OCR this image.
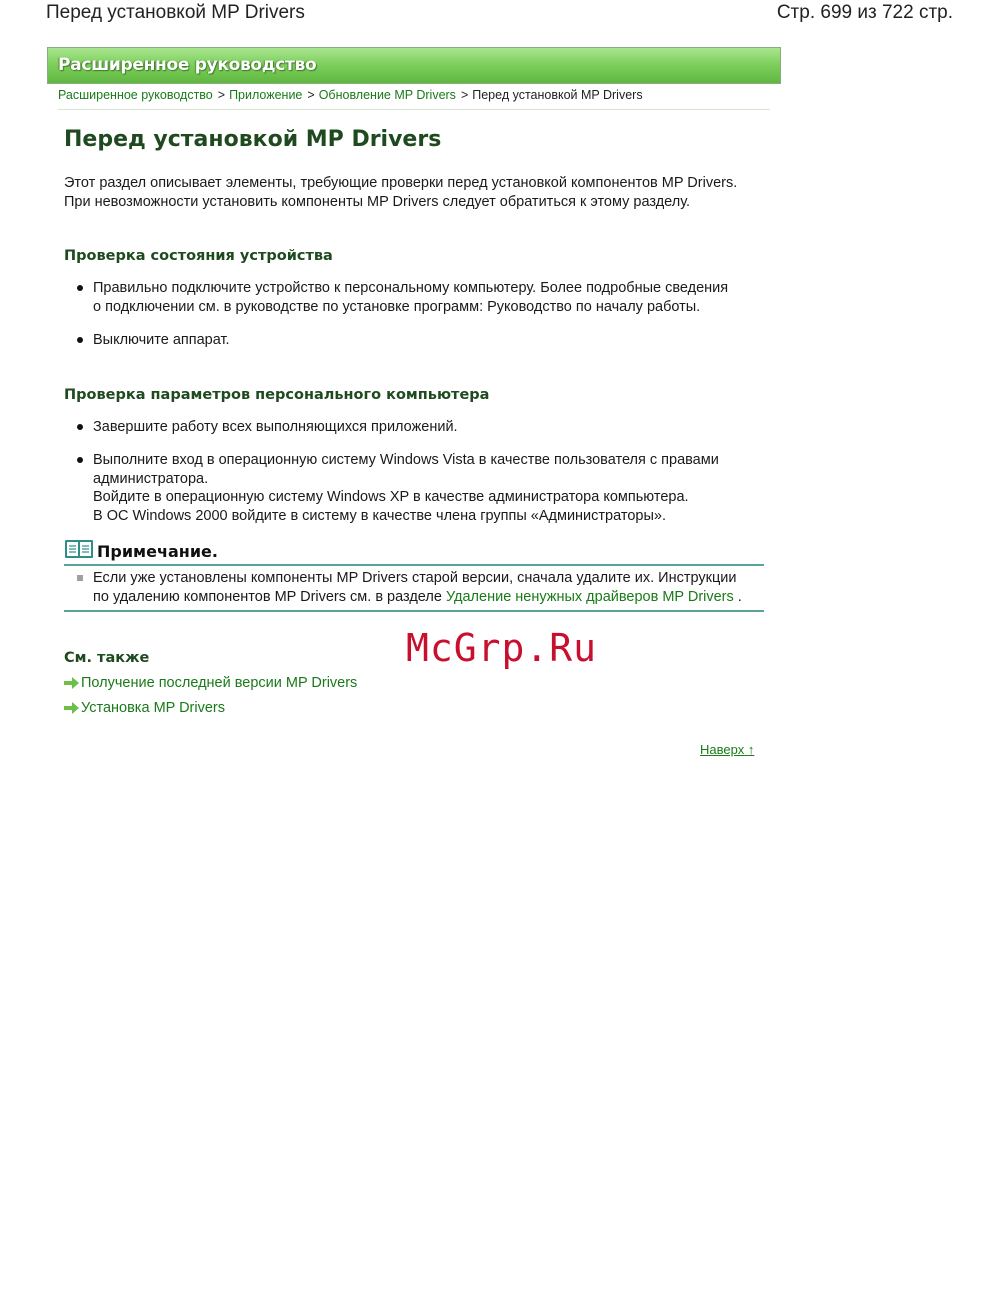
Перед установкой MP Drivers	Стр. 699 из 722 стр.
Расширенное руководство
Расширенное руководство > Приложение > Обновление MP Drivers > Перед установкой MP Drivers
Перед установкой MP Drivers
Этот раздел описывает элементы, требующие проверки перед установкой компонентов MP Drivers.
При невозможности установить компоненты MP Drivers следует обратиться к этому разделу.
Проверка состояния устройства
Правильно подключите устройство к персональному компьютеру. Более подробные сведения
о подключении см. в руководстве по установке программ: Руководство по началу работы.
Выключите аппарат.
Проверка параметров персонального компьютера
Завершите работу всех выполняющихся приложений.
Выполните вход в операционную систему Windows Vista в качестве пользователя с правами
администратора.
Войдите в операционную систему Windows XP в качестве администратора компьютера.
В ОС Windows 2000 войдите в систему в качестве члена группы «Администраторы».
Примечание.
Если уже установлены компоненты MP Drivers старой версии, сначала удалите их. Инструкции
по удалению компонентов MP Drivers см. в разделе Удаление ненужных драйверов MP Drivers .
McGrp.Ru
См. также
Получение последней версии MP Drivers
Установка MP Drivers
Наверх ↑
